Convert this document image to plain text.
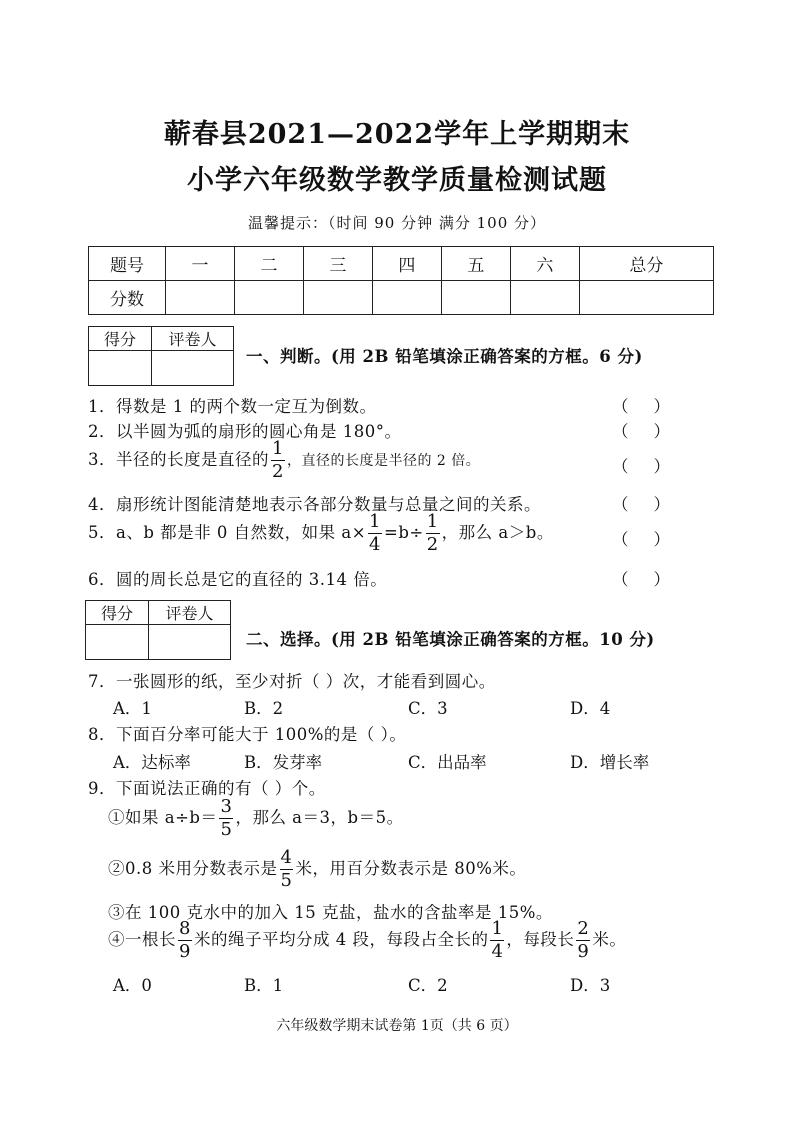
蕲春县2021—2022学年上学期期末
小学六年级数学教学质量检测试题
温馨提示：（时间 90 分钟 满分 100 分）
题号	一	二	三	四	五	六	总分
分数							
得分	评卷人

一、判断。(用 2B 铅笔填涂正确答案的方框。6 分)
1．得数是 1 的两个数一定互为倒数。	（ ）
2．以半圆为弧的扇形的圆心角是 180°。	（ ）
3．半径的长度是直径的 $\frac{1}{2}$ ，直径的长度是半径的 2 倍。	（ ）
4．扇形统计图能清楚地表示各部分数量与总量之间的关系。	（ ）
5．a、b 都是非 0 自然数，如果 $a\times \frac{1}{4} =b\div \frac{1}{2}$ ，那么 a＞b。	（ ）
6．圆的周长总是它的直径的 3.14 倍。	（ ）
得分	评卷人

二、选择。(用 2B 铅笔填涂正确答案的方框。10 分)
7．一张圆形的纸，至少对折（ ）次，才能看到圆心。
A．1	B．2	C．3	D．4
8．下面百分率可能大于 100%的是（ ）。
A．达标率	B．发芽率	C．出品率	D．增长率
9．下面说法正确的有（ ）个。
①如果 $a\div b= \frac{3}{5}$ ，那么 a＝3，b＝5。
②0.8 米用分数表示是 $\frac{4}{5}$ 米，用百分数表示是 80%米。
③在 100 克水中的加入 15 克盐，盐水的含盐率是 15%。
④一根长 $\frac{8}{9}$ 米的绳子平均分成 4 段，每段占全长的 $\frac{1}{4}$ ，每段长 $\frac{2}{9}$ 米。
A．0	B．1	C．2	D．3
六年级数学期末试卷第 1页（共 6 页）
